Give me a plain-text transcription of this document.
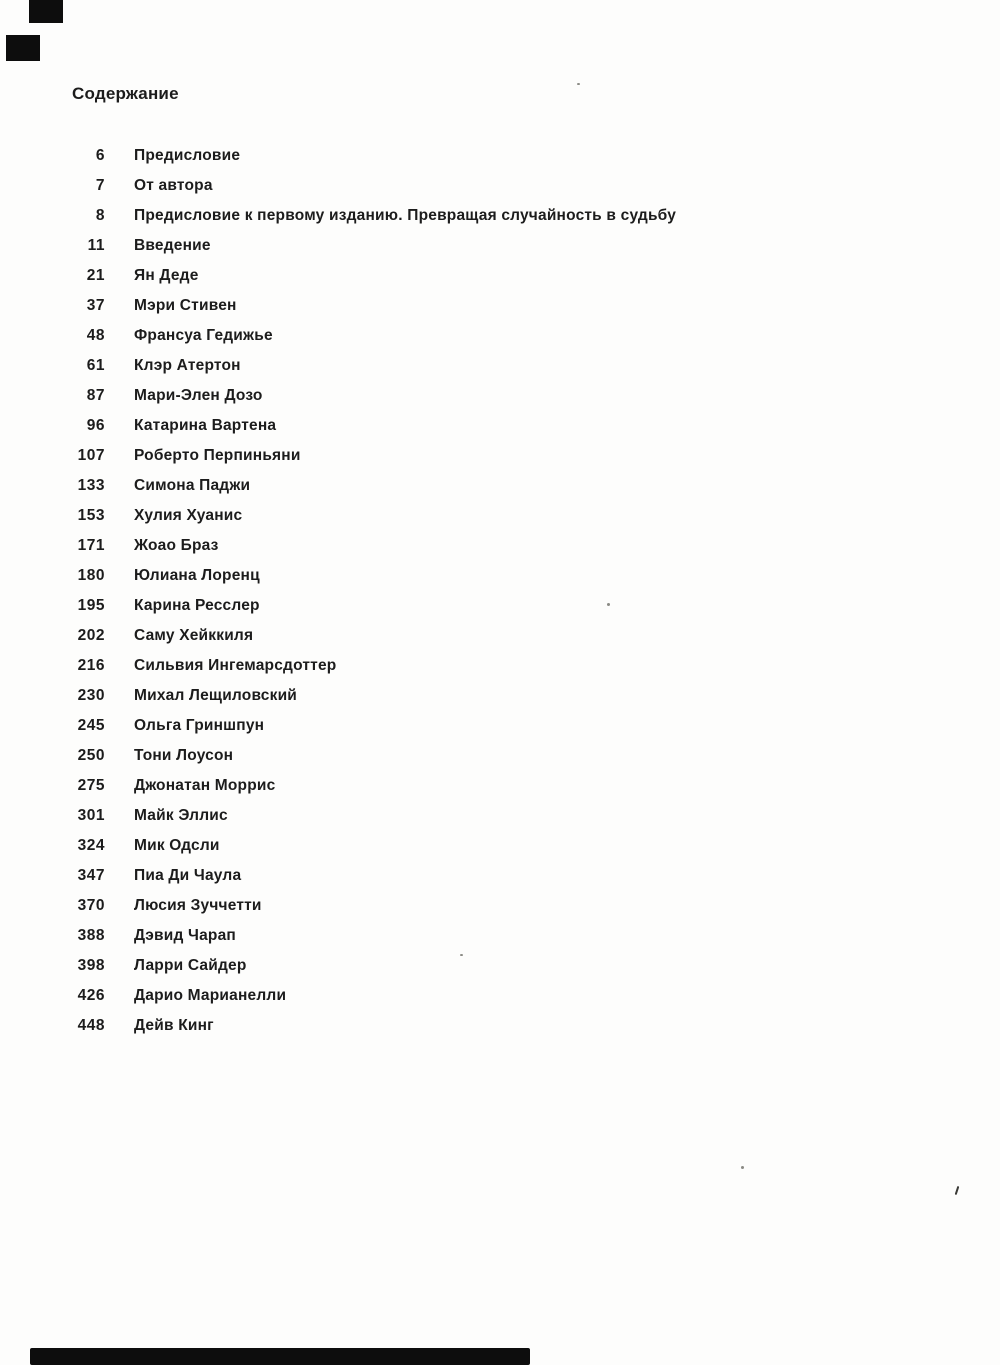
Содержание
6 Предисловие
7 От автора
8 Предисловие к первому изданию. Превращая случайность в судьбу
11 Введение
21 Ян Деде
37 Мэри Стивен
48 Франсуа Гедижье
61 Клэр Атертон
87 Мари-Элен Дозо
96 Катарина Вартена
107 Роберто Перпиньяни
133 Симона Паджи
153 Хулия Хуанис
171 Жоао Браз
180 Юлиана Лоренц
195 Карина Ресслер
202 Саму Хейккиля
216 Сильвия Ингемарсдоттер
230 Михал Лещиловский
245 Ольга Гриншпун
250 Тони Лоусон
275 Джонатан Моррис
301 Майк Эллис
324 Мик Одсли
347 Пиа Ди Чаула
370 Люсия Зуччетти
388 Дэвид Чарап
398 Ларри Сайдер
426 Дарио Марианелли
448 Дейв Кинг
